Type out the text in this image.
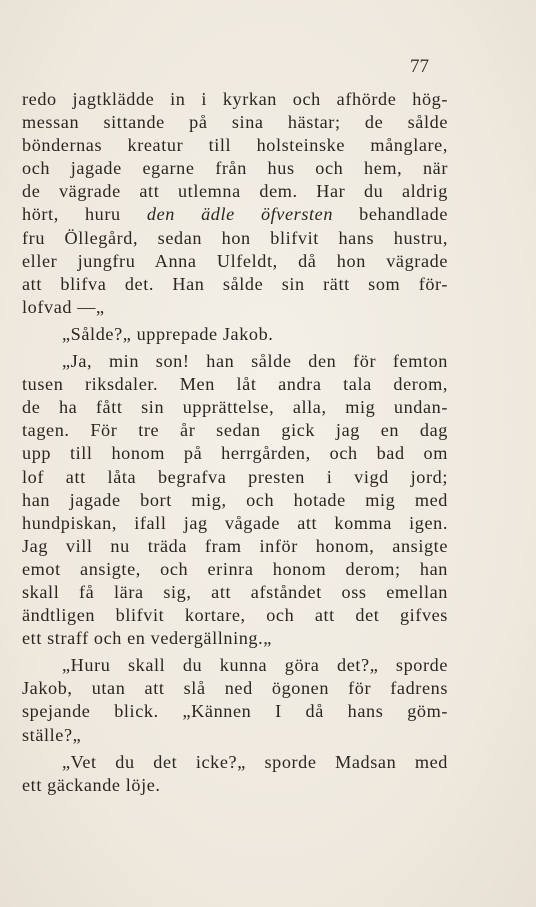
77
redo jagtklädde in i kyrkan och afhörde hög-
messan sittande på sina hästar; de sålde
böndernas kreatur till holsteinske månglare,
och jagade egarne från hus och hem, när
de vägrade att utlemna dem. Har du aldrig
hört, huru den ädle öfversten behandlade
fru Öllegård, sedan hon blifvit hans hustru,
eller jungfru Anna Ulfeldt, då hon vägrade
att blifva det. Han sålde sin rätt som för-
lofvad —„
„Sålde?„ upprepade Jakob.
„Ja, min son! han sålde den för femton
tusen riksdaler. Men låt andra tala derom,
de ha fått sin upprättelse, alla, mig undan-
tagen. För tre år sedan gick jag en dag
upp till honom på herrgården, och bad om
lof att låta begrafva presten i vigd jord;
han jagade bort mig, och hotade mig med
hundpiskan, ifall jag vågade att komma igen.
Jag vill nu träda fram inför honom, ansigte
emot ansigte, och erinra honom derom; han
skall få lära sig, att afståndet oss emellan
ändtligen blifvit kortare, och att det gifves
ett straff och en vedergällning.„
„Huru skall du kunna göra det?„ sporde
Jakob, utan att slå ned ögonen för fadrens
spejande blick. „Kännen I då hans göm-
ställe?„
„Vet du det icke?„ sporde Madsan med
ett gäckande löje.
